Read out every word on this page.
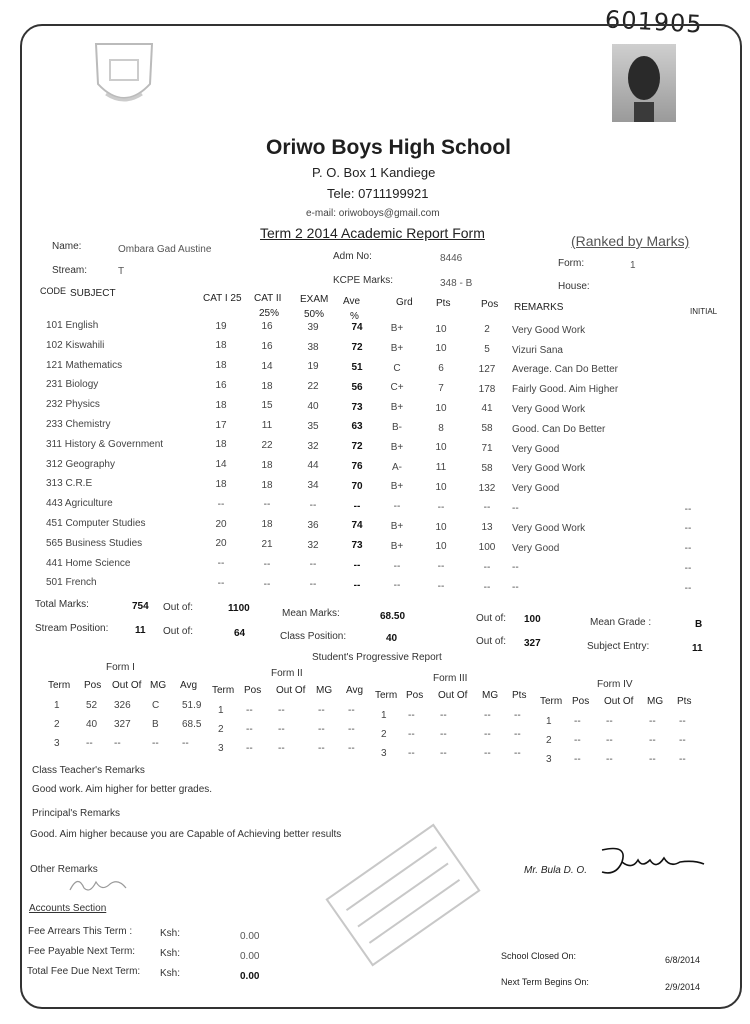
601905
Oriwo Boys High School
P. O. Box 1 Kandiege
Tele: 0711199921
e-mail: oriwoboys@gmail.com
Term 2 2014 Academic Report Form	(Ranked by Marks)
Name:	Ombara Gad Austine
Stream:	T
Adm No:	8446
KCPE Marks:	348 - B
Form:	1
House:
CODE SUBJECT	CAT I 25 CAT II
25%
EXAM
50%
Ave
%
Grd Pts	Pos REMARKS	INITIAL
101 English	19	16	39	74	B+	10	2	Very Good Work
102 Kiswahili	18	16	38	72	B+	10	5	Vizuri Sana
121 Mathematics	18	14	19	51	C	6	127	Average. Can Do Better
231 Biology	16	18	22	56	C+	7	178	Fairly Good. Aim Higher
232 Physics	18	15	40	73	B+	10	41	Very Good Work
233 Chemistry	17	11	35	63	B-	8	58	Good. Can Do Better
311 History & Government	18	22	32	72	B+	10	71	Very Good
312 Geography	14	18	44	76	A-	11	58	Very Good Work
313 C.R.E	18	18	34	70	B+	10	132	Very Good
443 Agriculture	--	--	--	--	--	--	--	--	--
451 Computer Studies	20	18	36	74	B+	10	13	Very Good Work	--
565 Business Studies	20	21	32	73	B+	10	100	Very Good	--
441 Home Science	--	--	--	--	--	--	--	--	--
501 French	--	--	--	--	--	--	--	--	--
Total Marks:	754 Out of:	1100	Mean Marks:	68.50	Out of: 100	Mean Grade :	B
Stream Position:	11 Out of:	64	Class Position:	40	Out of: 327	Subject Entry:	11
Student's Progressive Report
Form I
Form II	Form III
Form IV
Term Pos Out Of MG Avg
1	52 326 C 51.9
2	40 327 B 68.5
3	-- --	-- --
Term Pos Out Of MG Avg
1 --	--	-- --
2 --	--	-- --
3 --	--	-- --
Term Pos Out Of MG Pts
1 --	--	-- --
2 --	--	-- --
3 --	--	-- --
Term Pos Out Of MG Pts
1 --	--	-- --
2 --	--	-- --
3 --	--	-- --
Class Teacher's Remarks
Good work. Aim higher for better grades.
Principal's Remarks
Good. Aim higher because you are Capable of Achieving better results
Other Remarks	Mr. Bula D. O.
Accounts Section
Fee Arrears This Term :	Ksh:	0.00
Fee Payable Next Term: Ksh:	0.00
Total Fee Due Next Term: Ksh:	0.00
School Closed On:	6/8/2014
Next Term Begins On:	2/9/2014
